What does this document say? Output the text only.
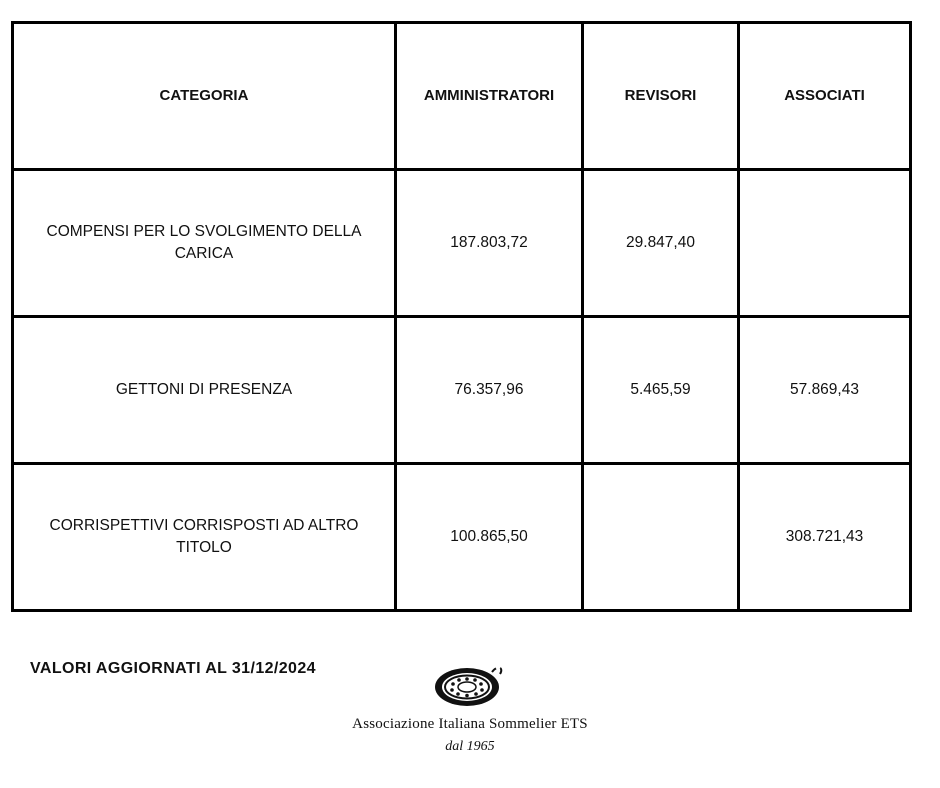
CATEGORIA	AMMINISTRATORI	REVISORI	ASSOCIATI
COMPENSI PER LO SVOLGIMENTO DELLA CARICA	187.803,72	29.847,40	
GETTONI DI PRESENZA	76.357,96	5.465,59	57.869,43
CORRISPETTIVI CORRISPOSTI AD ALTRO TITOLO	100.865,50		308.721,43
VALORI AGGIORNATI AL 31/12/2024
Associazione Italiana Sommelier ETS
dal 1965
